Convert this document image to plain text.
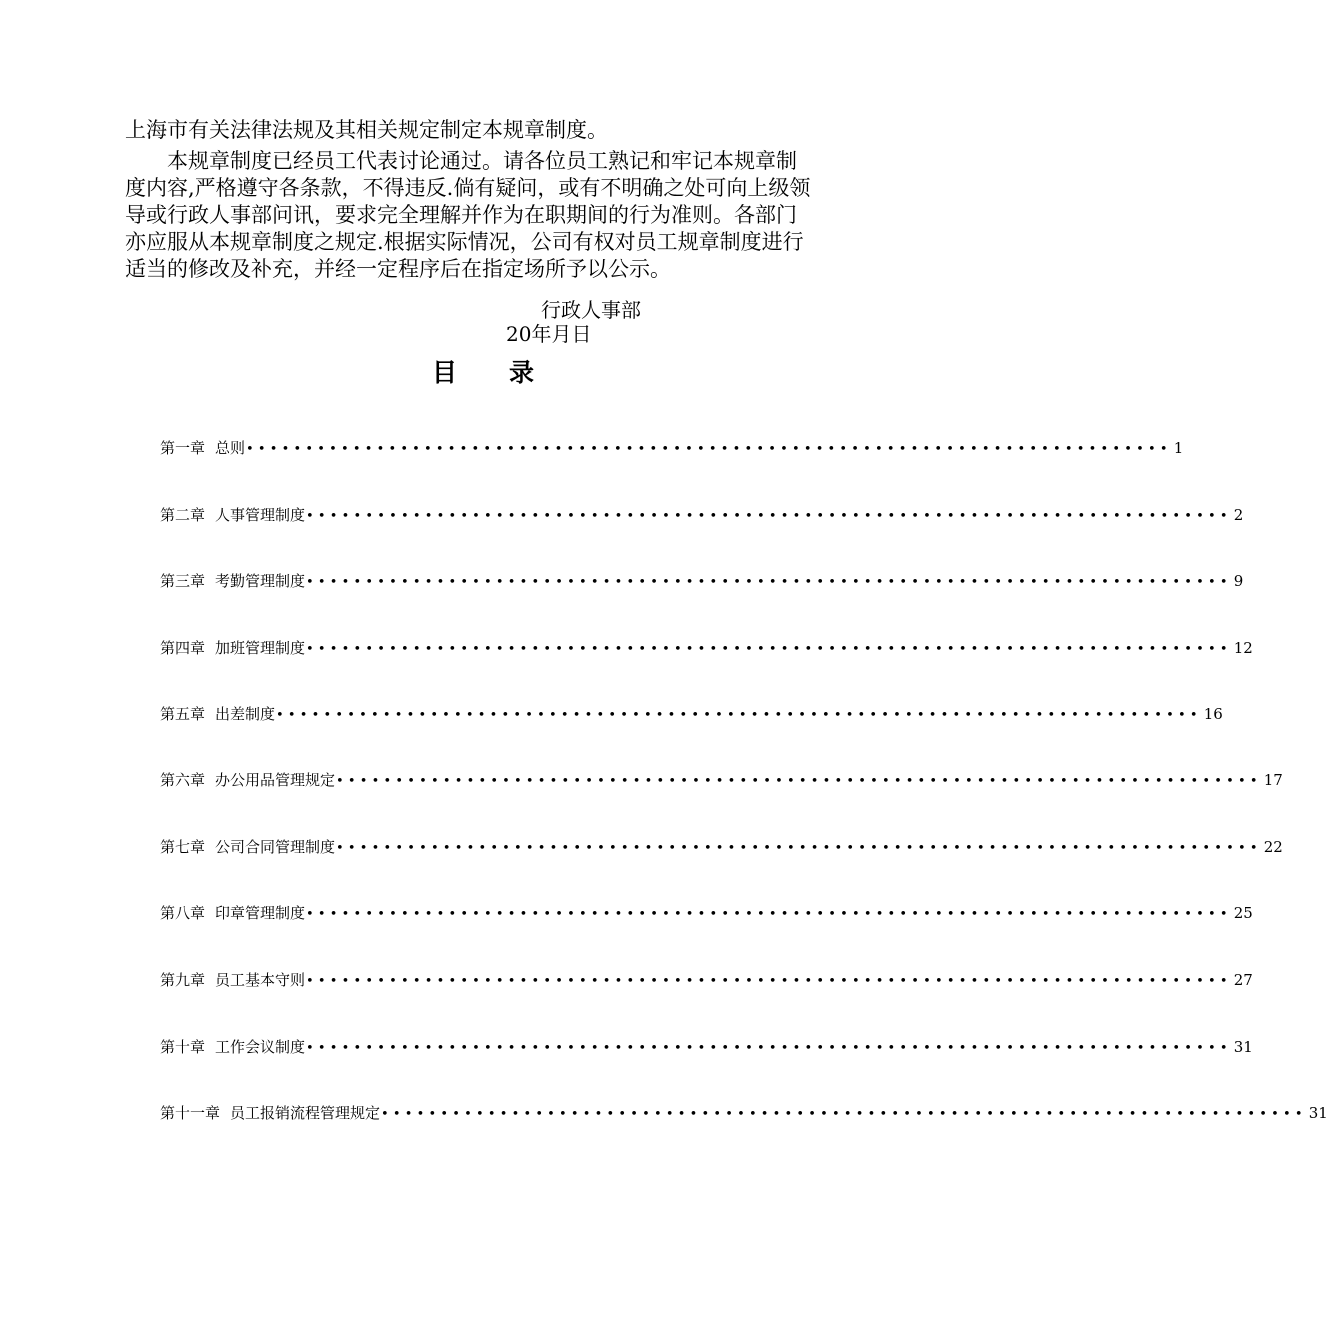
上海市有关法律法规及其相关规定制定本规章制度。

本规章制度已经员工代表讨论通过。请各位员工熟记和牢记本规章制度内容,严格遵守各条款，不得违反.倘有疑问，或有不明确之处可向上级领导或行政人事部问讯，要求完全理解并作为在职期间的行为准则。各部门亦应服从本规章制度之规定.根据实际情况，公司有权对员工规章制度进行适当的修改及补充，并经一定程序后在指定场所予以公示。

行政人事部
20年月日
目录
第一章 总则 •••••••••••••••••••••••••••••••••••••••••••••••••••••••••••••••••••••••••••••• 1
第二章 人事管理制度 •••••••••••••••••••••••••••••••••••••••••••••••••••••••••••••••••••••••••••••• 2
第三章 考勤管理制度 •••••••••••••••••••••••••••••••••••••••••••••••••••••••••••••••••••••••••••••• 9
第四章 加班管理制度 •••••••••••••••••••••••••••••••••••••••••••••••••••••••••••••••••••••••••••••• 12
第五章 出差制度 •••••••••••••••••••••••••••••••••••••••••••••••••••••••••••••••••••••••••••••• 16
第六章 办公用品管理规定 •••••••••••••••••••••••••••••••••••••••••••••••••••••••••••••••••••••••••••••• 17
第七章 公司合同管理制度 •••••••••••••••••••••••••••••••••••••••••••••••••••••••••••••••••••••••••••••• 22
第八章 印章管理制度 •••••••••••••••••••••••••••••••••••••••••••••••••••••••••••••••••••••••••••••• 25
第九章 员工基本守则 •••••••••••••••••••••••••••••••••••••••••••••••••••••••••••••••••••••••••••••• 27
第十章 工作会议制度 •••••••••••••••••••••••••••••••••••••••••••••••••••••••••••••••••••••••••••••• 31
第十一章 员工报销流程管理规定 •••••••••••••••••••••••••••••••••••••••••••••••••••••••••••••••••••••••••••••• 31
